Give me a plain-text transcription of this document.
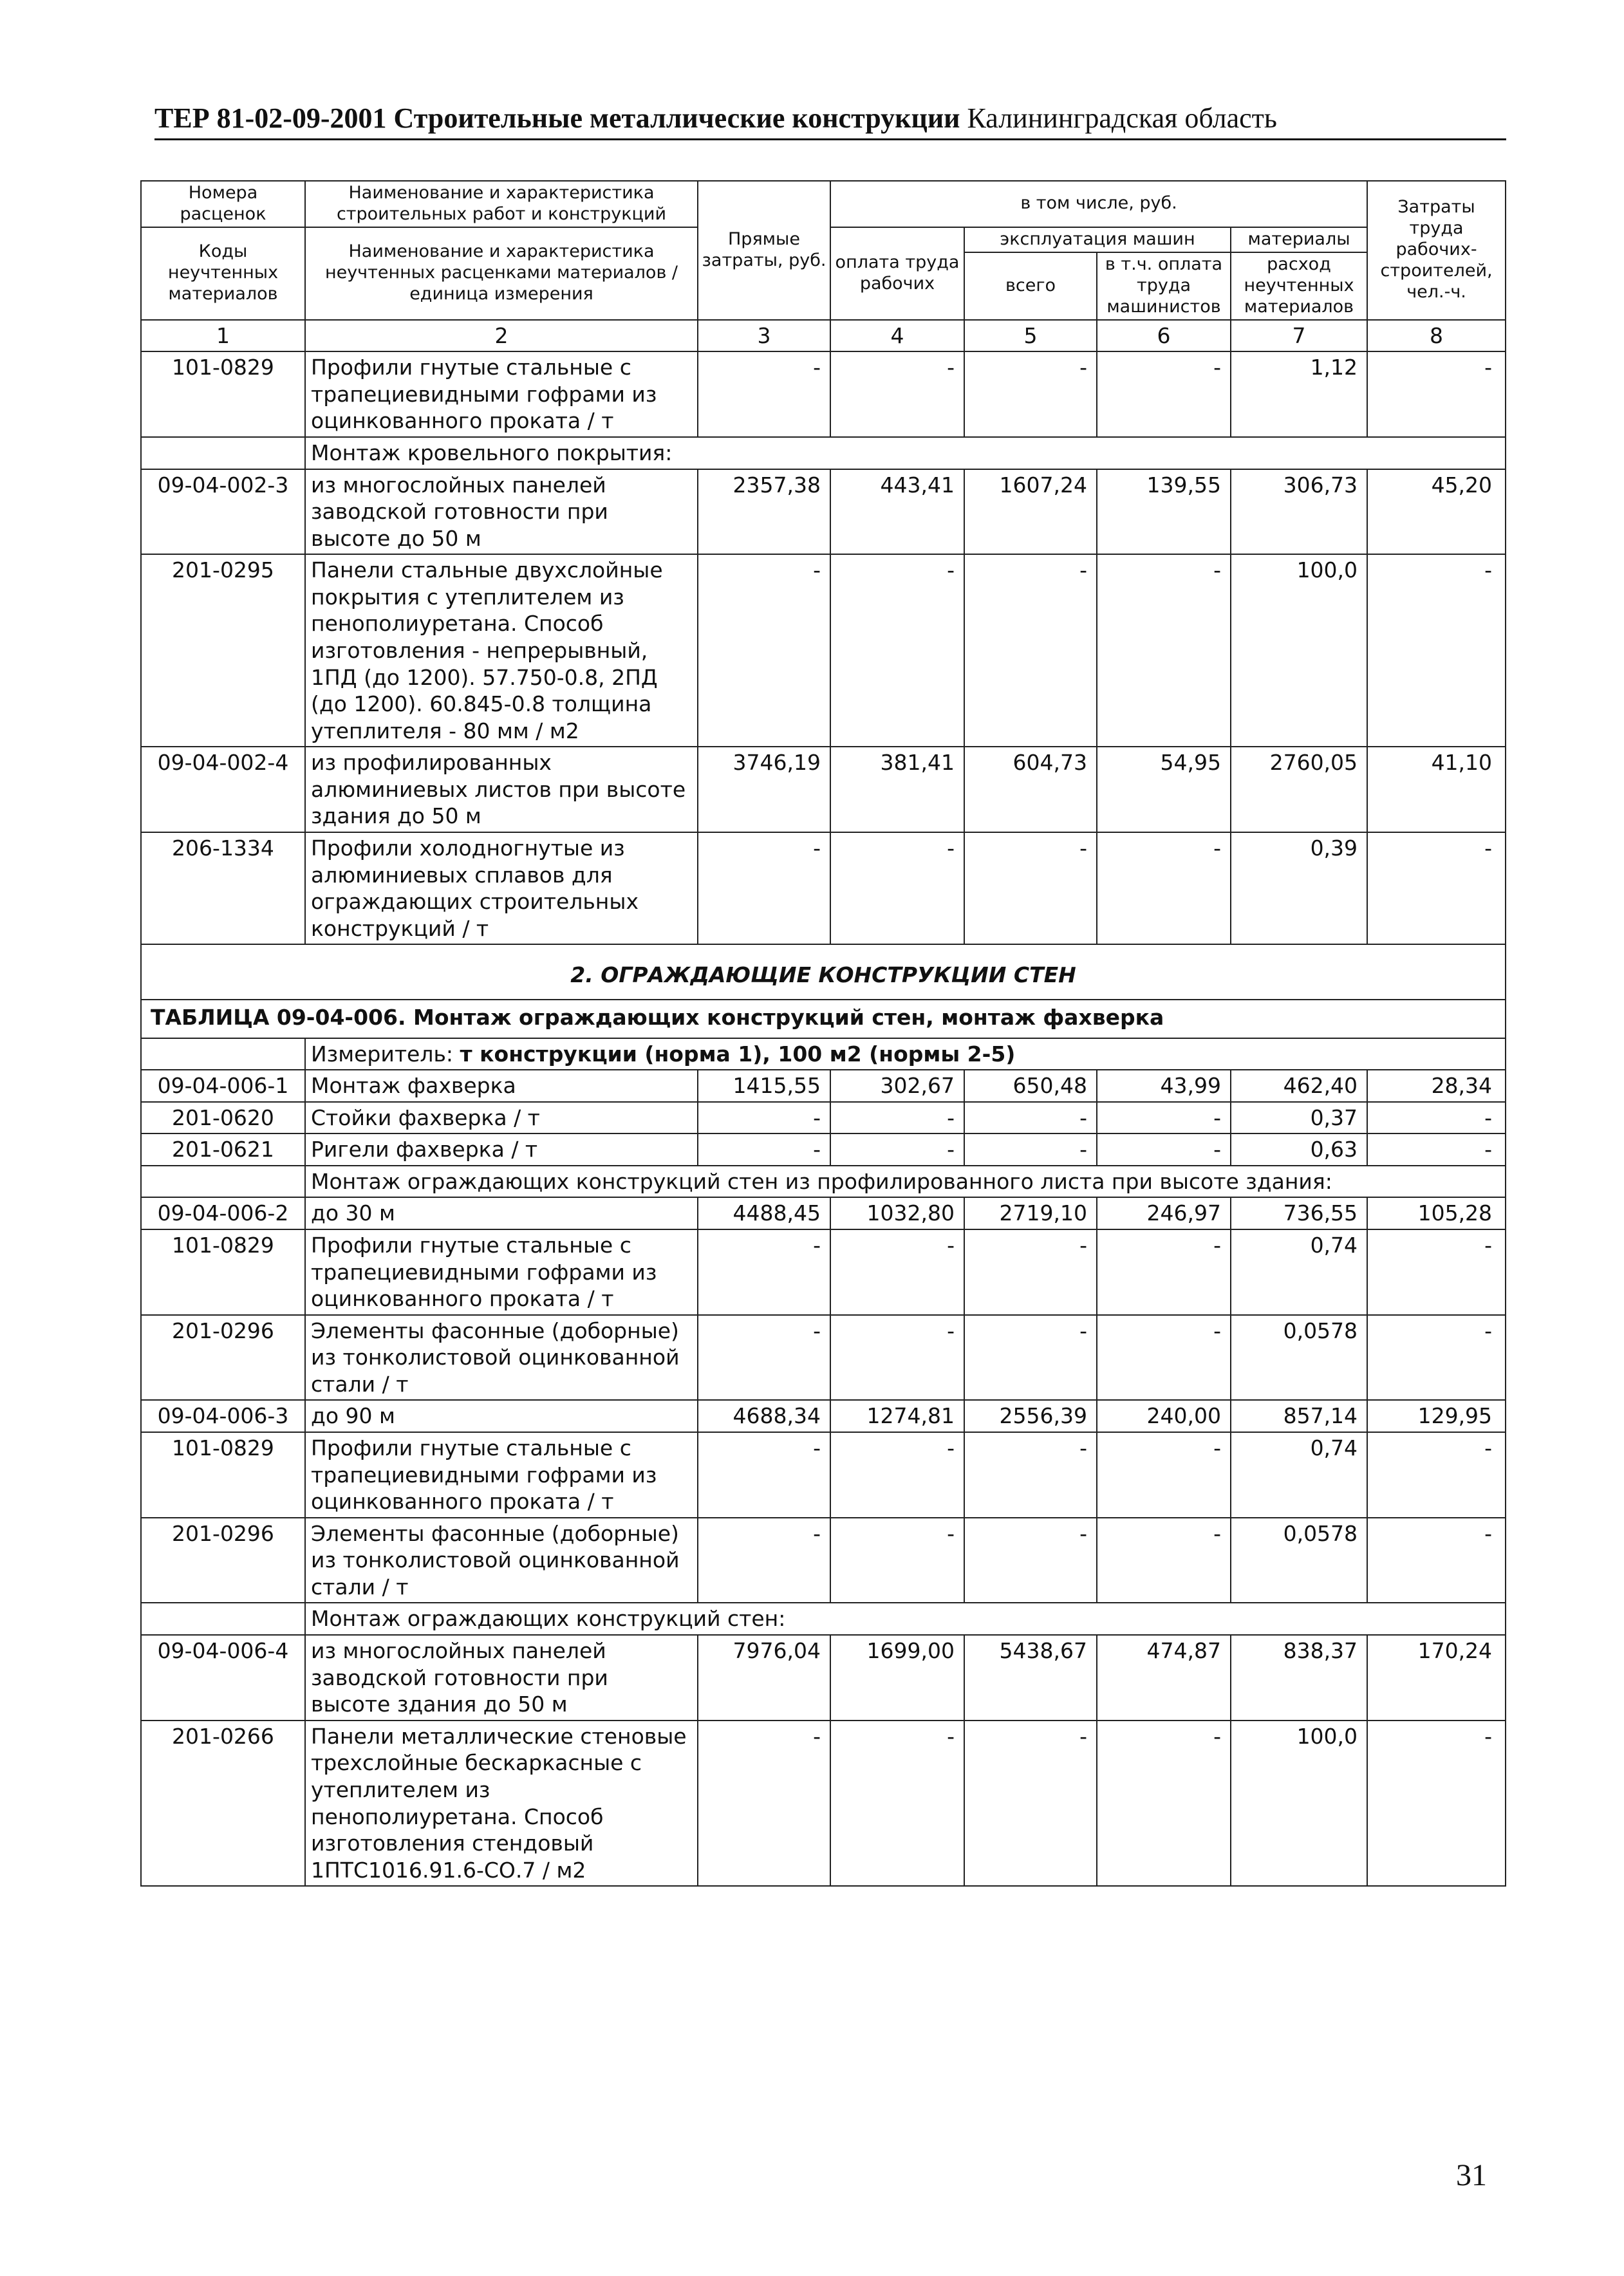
ТЕР 81-02-09-2001 Строительные металлические конструкции Калининградская область
Номера расценок	Наименование и характеристика строительных работ и конструкций	Прямые затраты, руб.	в том числе, руб.				Затраты труда рабочих-строителей, чел.-ч.
Коды неучтенных материалов	Наименование и характеристика неучтенных расценками материалов / единица измерения		оплата труда рабочих	эксплуатация машин		материалы	
				всего	в т.ч. оплата труда машинистов	расход неучтенных материалов	
1	2	3	4	5	6	7	8
101-0829	Профили гнутые стальные с трапециевидными гофрами из оцинкованного проката / т	-	-	-	-	1,12	-
	Монтаж кровельного покрытия:						
09-04-002-3	из многослойных панелей заводской готовности при высоте до 50 м	2357,38	443,41	1607,24	139,55	306,73	45,20
201-0295	Панели стальные двухслойные покрытия с утеплителем из пенополиуретана. Способ изготовления - непрерывный, 1ПД (до 1200). 57.750-0.8, 2ПД (до 1200). 60.845-0.8 толщина утеплителя - 80 мм / м2	-	-	-	-	100,0	-
09-04-002-4	из профилированных алюминиевых листов при высоте здания до 50 м	3746,19	381,41	604,73	54,95	2760,05	41,10
206-1334	Профили холодногнутые из алюминиевых сплавов для ограждающих строительных конструкций / т	-	-	-	-	0,39	-
2. ОГРАЖДАЮЩИЕ КОНСТРУКЦИИ СТЕН							
ТАБЛИЦА 09-04-006. Монтаж ограждающих конструкций стен, монтаж фахверка							
	Измеритель: т конструкции (норма 1), 100 м2 (нормы 2-5)						
09-04-006-1	Монтаж фахверка	1415,55	302,67	650,48	43,99	462,40	28,34
201-0620	Стойки фахверка / т	-	-	-	-	0,37	-
201-0621	Ригели фахверка / т	-	-	-	-	0,63	-
	Монтаж ограждающих конструкций стен из профилированного листа при высоте здания:						
09-04-006-2	до 30 м	4488,45	1032,80	2719,10	246,97	736,55	105,28
101-0829	Профили гнутые стальные с трапециевидными гофрами из оцинкованного проката / т	-	-	-	-	0,74	-
201-0296	Элементы фасонные (доборные) из тонколистовой оцинкованной стали / т	-	-	-	-	0,0578	-
09-04-006-3	до 90 м	4688,34	1274,81	2556,39	240,00	857,14	129,95
101-0829	Профили гнутые стальные с трапециевидными гофрами из оцинкованного проката / т	-	-	-	-	0,74	-
201-0296	Элементы фасонные (доборные) из тонколистовой оцинкованной стали / т	-	-	-	-	0,0578	-
	Монтаж ограждающих конструкций стен:						
09-04-006-4	из многослойных панелей заводской готовности при высоте здания до 50 м	7976,04	1699,00	5438,67	474,87	838,37	170,24
201-0266	Панели металлические стеновые трехслойные бескаркасные с утеплителем из пенополиуретана. Способ изготовления стендовый 1ПТС1016.91.6-СО.7 / м2	-	-	-	-	100,0	-
31
